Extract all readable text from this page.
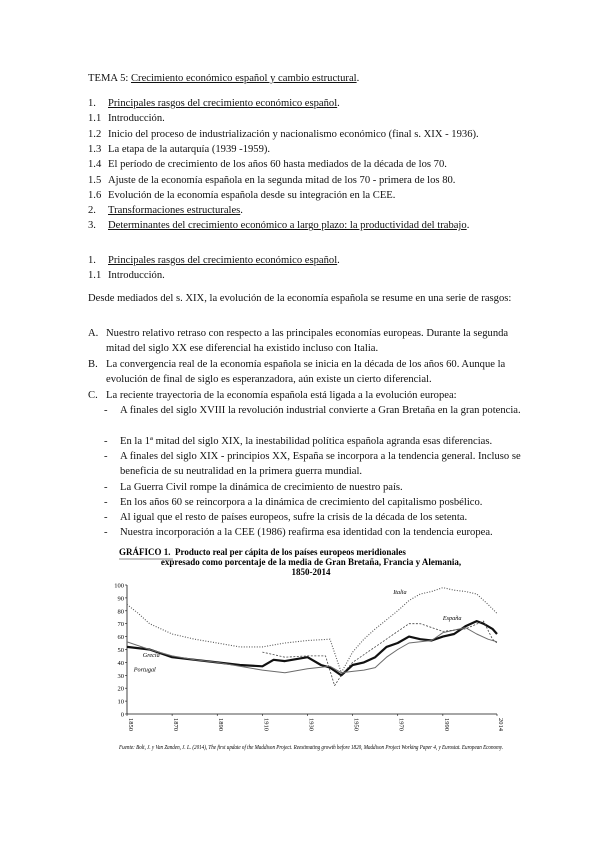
TEMA 5: Crecimiento económico español y cambio estructural.
1. Principales rasgos del crecimiento económico español.
1.1 Introducción.
1.2 Inicio del proceso de industrialización y nacionalismo económico (final s. XIX - 1936).
1.3 La etapa de la autarquía (1939 -1959).
1.4 El período de crecimiento de los años 60 hasta mediados de la década de los 70.
1.5 Ajuste de la economía española en la segunda mitad de los 70 - primera de los 80.
1.6 Evolución de la economía española desde su integración en la CEE.
2. Transformaciones estructurales.
3. Determinantes del crecimiento económico a largo plazo: la productividad del trabajo.
1. Principales rasgos del crecimiento económico español.
1.1 Introducción.
Desde mediados del s. XIX, la evolución de la economía española se resume en una serie de rasgos:
A. Nuestro relativo retraso con respecto a las principales economías europeas. Durante la segunda mitad del siglo XX ese diferencial ha existido incluso con Italia.
B. La convergencia real de la economía española se inicia en la década de los años 60. Aunque la evolución de final de siglo es esperanzadora, aún existe un cierto diferencial.
C. La reciente trayectoria de la economía española está ligada a la evolución europea:
- A finales del siglo XVIII la revolución industrial convierte a Gran Bretaña en la gran potencia.
- En la 1ª mitad del siglo XIX, la inestabilidad política española agranda esas diferencias.
- A finales del siglo XIX - principios XX, España se incorpora a la tendencia general. Incluso se beneficia de su neutralidad en la primera guerra mundial.
- La Guerra Civil rompe la dinámica de crecimiento de nuestro país.
- En los años 60 se reincorpora a la dinámica de crecimiento del capitalismo posbélico.
- Al igual que el resto de países europeos, sufre la crisis de la década de los setenta.
- Nuestra incorporación a la CEE (1986) reafirma esa identidad con la tendencia europea.
GRÁFICO 1. Producto real per cápita de los países europeos meridionales
expresado como porcentaje de la media de Gran Bretaña, Francia y Alemania,
1850-2014
0
10
20
30
40
50
60
70
80
90
100
1850	1870	1890	1910	1930	1950	1970	1990	2014
Italia
España
Grecia
Portugal
Fuente: Bolt, J. y Van Zanden, J. L. (2014), The first update of the Maddison Project. Reestimating growth before 1820, Maddison Project Working Paper 4, y Eurostat. European Economy.
